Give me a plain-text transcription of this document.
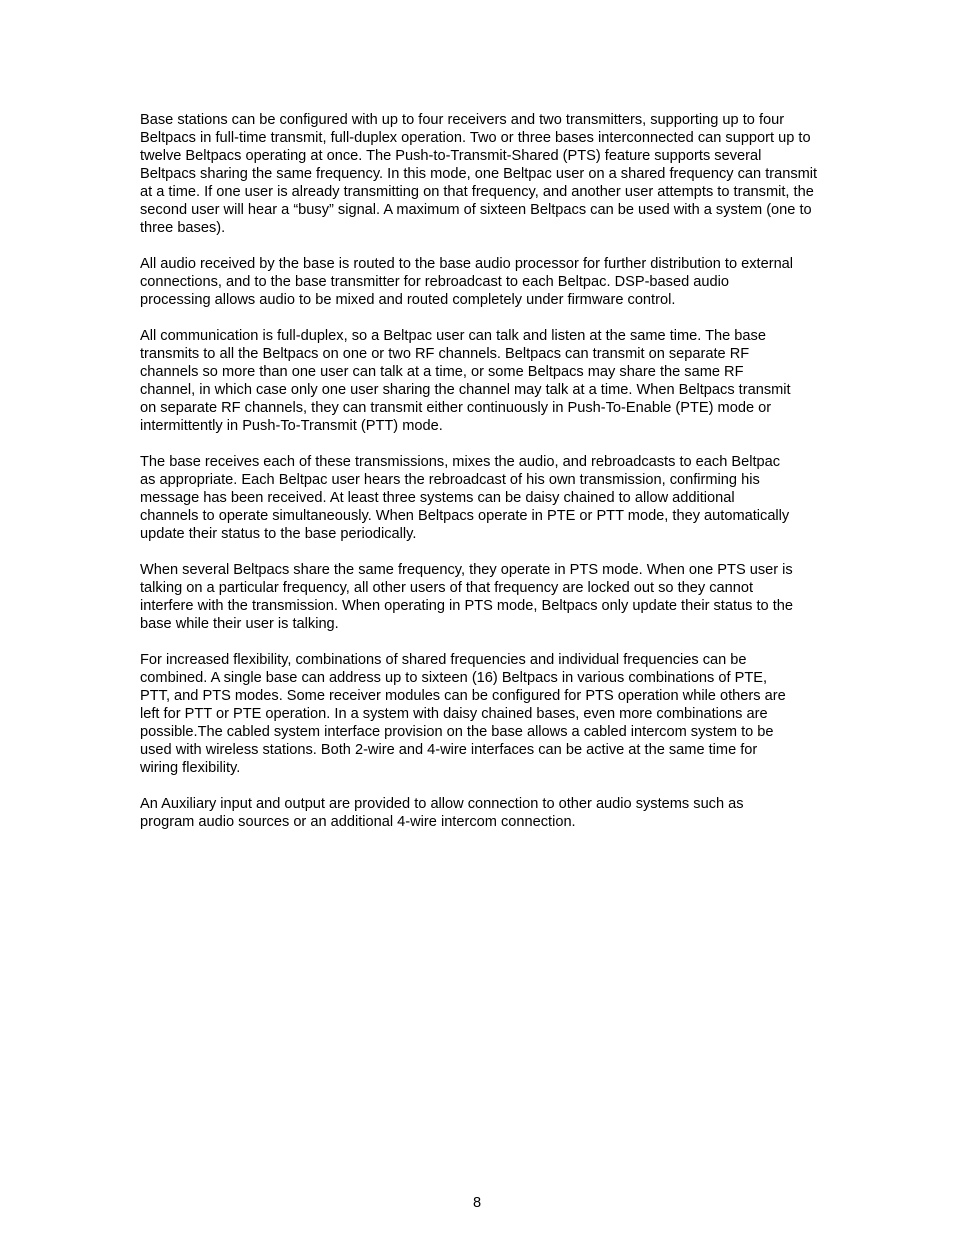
Base stations can be configured with up to four receivers and two transmitters, supporting up to four
Beltpacs in full-time transmit, full-duplex operation. Two or three bases interconnected can support up to
twelve Beltpacs operating at once. The Push-to-Transmit-Shared (PTS) feature supports several
Beltpacs sharing the same frequency. In this mode, one Beltpac user on a shared frequency can transmit
at a time. If one user is already transmitting on that frequency, and another user attempts to transmit, the
second user will hear a “busy” signal. A maximum of sixteen Beltpacs can be used with a system (one to
three bases).

All audio received by the base is routed to the base audio processor for further distribution to external
connections, and to the base transmitter for rebroadcast to each Beltpac. DSP-based audio
processing allows audio to be mixed and routed completely under firmware control.

All communication is full-duplex, so a Beltpac user can talk and listen at the same time. The base
transmits to all the Beltpacs on one or two RF channels. Beltpacs can transmit on separate RF
channels so more than one user can talk at a time, or some Beltpacs may share the same RF
channel, in which case only one user sharing the channel may talk at a time. When Beltpacs transmit
on separate RF channels, they can transmit either continuously in Push-To-Enable (PTE) mode or
intermittently in Push-To-Transmit (PTT) mode.

The base receives each of these transmissions, mixes the audio, and rebroadcasts to each Beltpac
as appropriate. Each Beltpac user hears the rebroadcast of his own transmission, confirming his
message has been received. At least three systems can be daisy chained to allow additional
channels to operate simultaneously. When Beltpacs operate in PTE or PTT mode, they automatically
update their status to the base periodically.

When several Beltpacs share the same frequency, they operate in PTS mode. When one PTS user is
talking on a particular frequency, all other users of that frequency are locked out so they cannot
interfere with the transmission. When operating in PTS mode, Beltpacs only update their status to the
base while their user is talking.

For increased flexibility, combinations of shared frequencies and individual frequencies can be
combined. A single base can address up to sixteen (16) Beltpacs in various combinations of PTE,
PTT, and PTS modes. Some receiver modules can be configured for PTS operation while others are
left for PTT or PTE operation. In a system with daisy chained bases, even more combinations are
possible.The cabled system interface provision on the base allows a cabled intercom system to be
used with wireless stations. Both 2-wire and 4-wire interfaces can be active at the same time for
wiring flexibility.

An Auxiliary input and output are provided to allow connection to other audio systems such as
program audio sources or an additional 4-wire intercom connection.

8
